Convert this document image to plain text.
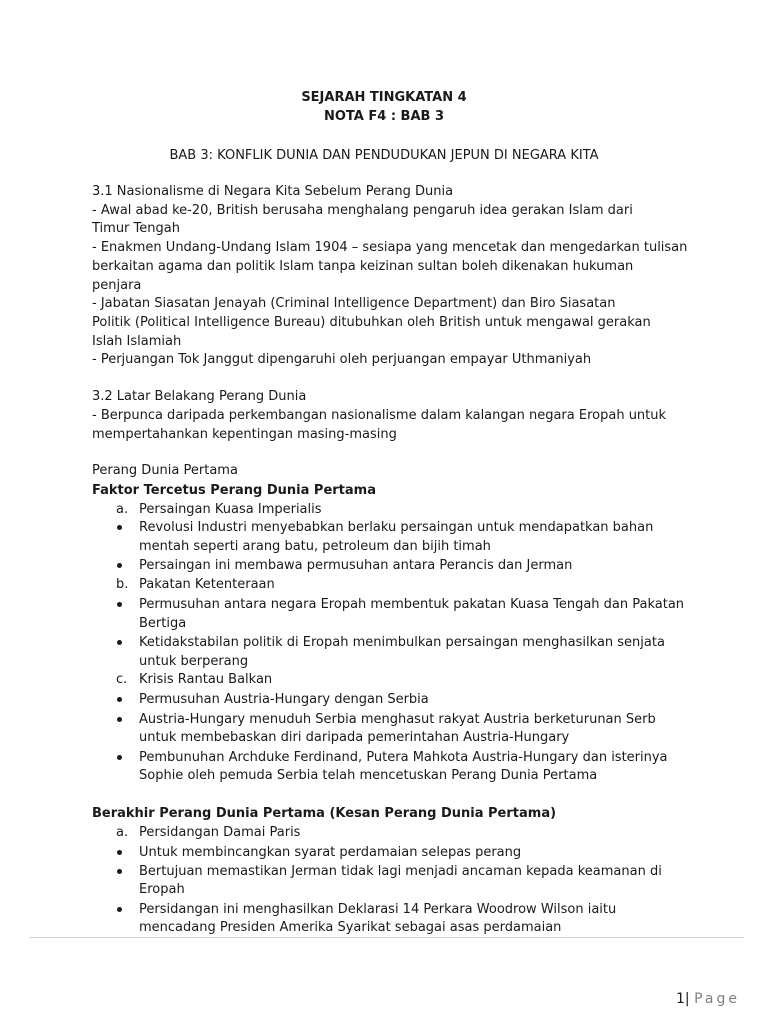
SEJARAH TINGKATAN 4
NOTA F4 : BAB 3
BAB 3: KONFLIK DUNIA DAN PENDUDUKAN JEPUN DI NEGARA KITA
3.1 Nasionalisme di Negara Kita Sebelum Perang Dunia
- Awal abad ke-20, British berusaha menghalang pengaruh idea gerakan Islam dari
Timur Tengah
- Enakmen Undang-Undang Islam 1904 – sesiapa yang mencetak dan mengedarkan tulisan
berkaitan agama dan politik Islam tanpa keizinan sultan boleh dikenakan hukuman
penjara
- Jabatan Siasatan Jenayah (Criminal Intelligence Department) dan Biro Siasatan
Politik (Political Intelligence Bureau) ditubuhkan oleh British untuk mengawal gerakan
Islah Islamiah
- Perjuangan Tok Janggut dipengaruhi oleh perjuangan empayar Uthmaniyah
3.2 Latar Belakang Perang Dunia
- Berpunca daripada perkembangan nasionalisme dalam kalangan negara Eropah untuk
mempertahankan kepentingan masing-masing
Perang Dunia Pertama
Faktor Tercetus Perang Dunia Pertama
a. Persaingan Kuasa Imperialis
Revolusi Industri menyebabkan berlaku persaingan untuk mendapatkan bahan
mentah seperti arang batu, petroleum dan bijih timah
Persaingan ini membawa permusuhan antara Perancis dan Jerman
b. Pakatan Ketenteraan
Permusuhan antara negara Eropah membentuk pakatan Kuasa Tengah dan Pakatan
Bertiga
Ketidakstabilan politik di Eropah menimbulkan persaingan menghasilkan senjata
untuk berperang
c. Krisis Rantau Balkan
Permusuhan Austria-Hungary dengan Serbia
Austria-Hungary menuduh Serbia menghasut rakyat Austria berketurunan Serb
untuk membebaskan diri daripada pemerintahan Austria-Hungary
Pembunuhan Archduke Ferdinand, Putera Mahkota Austria-Hungary dan isterinya
Sophie oleh pemuda Serbia telah mencetuskan Perang Dunia Pertama
Berakhir Perang Dunia Pertama (Kesan Perang Dunia Pertama)
a. Persidangan Damai Paris
Untuk membincangkan syarat perdamaian selepas perang
Bertujuan memastikan Jerman tidak lagi menjadi ancaman kepada keamanan di
Eropah
Persidangan ini menghasilkan Deklarasi 14 Perkara Woodrow Wilson iaitu
mencadang Presiden Amerika Syarikat sebagai asas perdamaian
1| Page
